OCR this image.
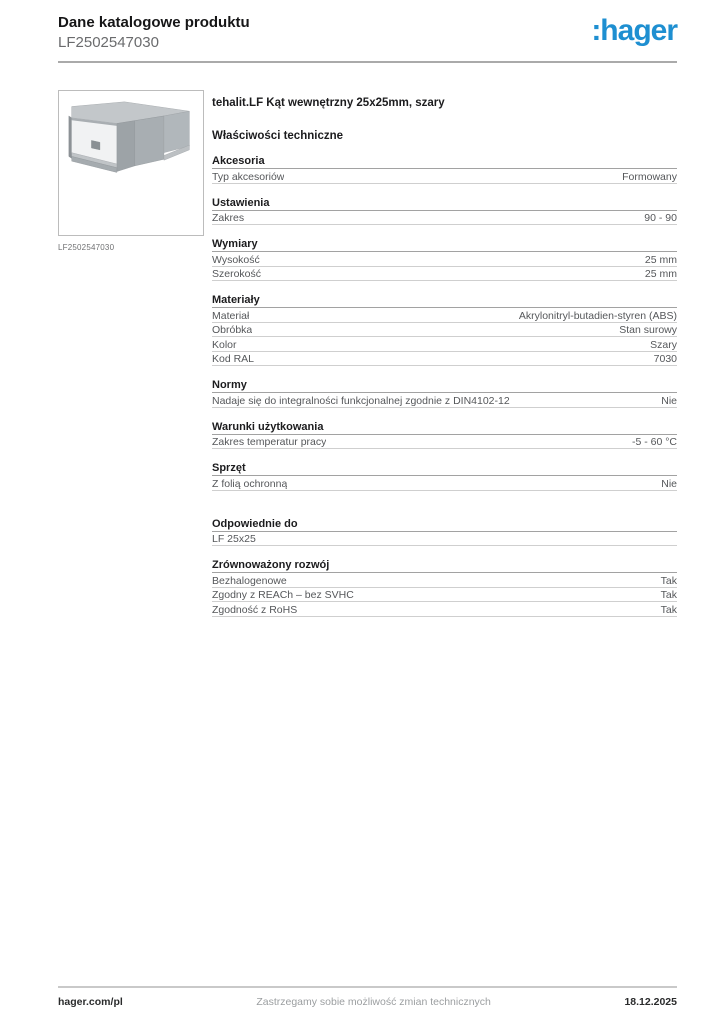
Dane katalogowe produktu
LF2502547030	:hager
LF2502547030
tehalit.LF Kąt wewnętrzny 25x25mm, szary
Właściwości techniczne
Akcesoria
Typ akcesoriów	Formowany
Ustawienia
Zakres	90 - 90
Wymiary
Wysokość	25 mm
Szerokość	25 mm
Materiały
Materiał	Akrylonitryl-butadien-styren (ABS)
Obróbka	Stan surowy
Kolor	Szary
Kod RAL	7030
Normy
Nadaje się do integralności funkcjonalnej zgodnie z DIN4102-12	Nie
Warunki użytkowania
Zakres temperatur pracy	-5 - 60 °C
Sprzęt
Z folią ochronną	Nie
Odpowiednie do
LF 25x25
Zrównoważony rozwój
Bezhalogenowe	Tak
Zgodny z REACh – bez SVHC	Tak
Zgodność z RoHS	Tak
hager.com/pl	Zastrzegamy sobie możliwość zmian technicznych	18.12.2025
